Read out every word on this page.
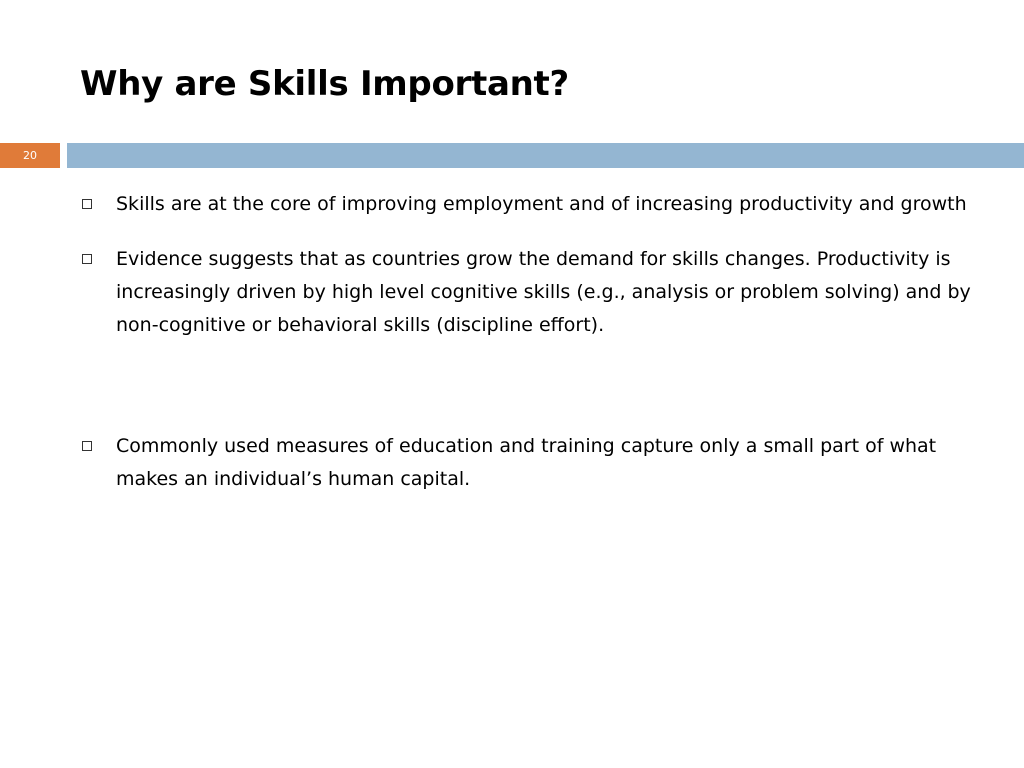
Why are Skills Important?
20
Skills are at the core of improving employment and of increasing productivity and growth
Evidence suggests that as countries grow the demand for skills changes. Productivity is increasingly driven by high level cognitive skills (e.g., analysis or problem solving) and by non-cognitive or behavioral skills (discipline effort).
Commonly used measures of education and training capture only a small part of what makes an individual’s human capital.
